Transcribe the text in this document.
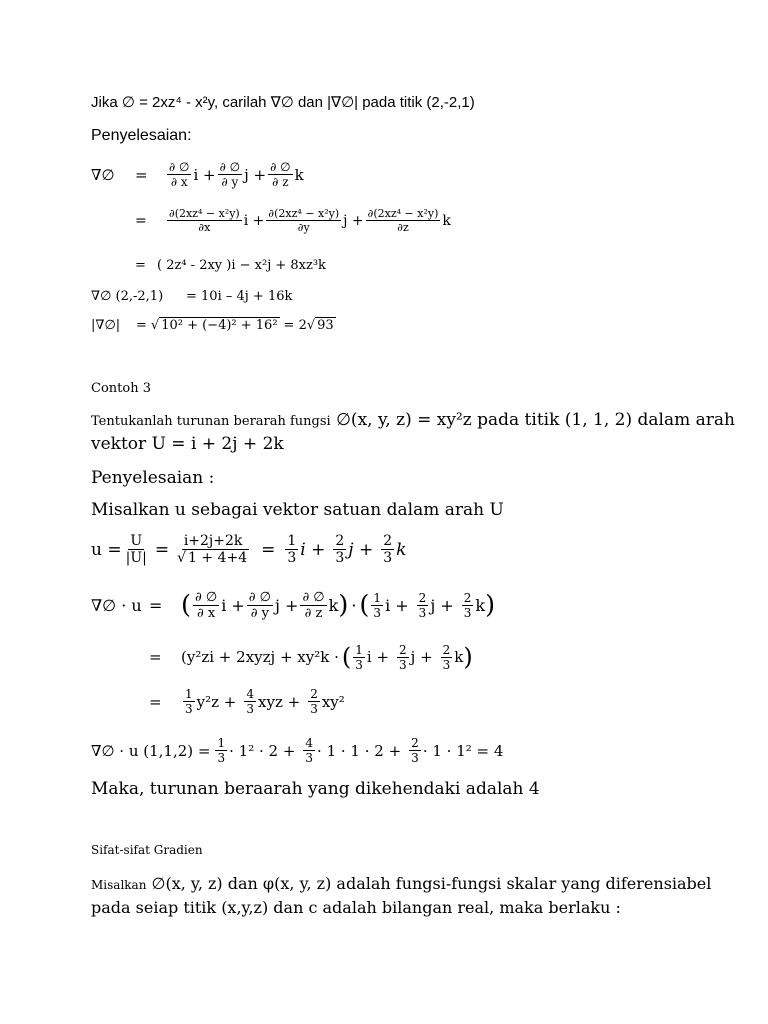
Jika ∅ = 2xz⁴ - x²y, carilah ∇∅ dan |∇∅| pada titik (2,-2,1)
Penyelesaian:
∇∅	=	$\frac{\partial \emptyset}{\partial x}$ $i + \frac{\partial \emptyset}{\partial y}$ $j + \frac{\partial \emptyset}{\partial z}$ k
=	$\frac{\text{∂(2xz⁴ − x²y)}}{\partial x}$ $i + \frac{\text{∂(2xz⁴ − x²y)}}{\partial y}$ $j + \frac{\text{∂(2xz⁴ − x²y)}}{\partial z}$ k
= ( 2z⁴ - 2xy )i − x²j + 8xz³k
∇∅ (2,-2,1)	= 10i – 4j + 16k
|∇∅|	= √ 10² + (−4)² + 16² = 2 √ 93
Contoh 3
Tentukanlah turunan berarah fungsi ∅(x, y, z) = xy²z pada titik (1, 1, 2) dalam arah
vektor U = i + 2j + 2k
Penyelesaian :
Misalkan u sebagai vektor satuan dalam arah U
$u = \frac{U}{|U|} = \frac{i+2j+2k}{√ 1 + 4+4} = \frac{1}{3}$ $i + \frac{2}{3}$ $j + \frac{2}{3}$ k
∇∅ · u = ( $\frac{\partial \emptyset}{\partial x}$ $i + \frac{\partial \emptyset}{\partial y}$ $j + \frac{\partial \emptyset}{\partial z}$ k ) · ( $\frac{1}{3}$ $i + \frac{2}{3}$ $j + \frac{2}{3}$ k )
=	(y²zi + 2xyzj + xy²k · ( $\frac{1}{3}$ $i + \frac{2}{3}$ $j + \frac{2}{3}$ k )
=	$\frac{1}{3} y^2z + \frac{4}{3}$ xyz + $\frac{2}{3} xy^2$
∇∅ · u $(1,1,2) = \frac{1}{3} \cdot 1^2 \cdot 2 + \frac{4}{3} \cdot 1 \cdot 1 \cdot 2 + \frac{2}{3} \cdot 1 \cdot 1^2 = 4$
Maka, turunan beraarah yang dikehendaki adalah 4
Sifat-sifat Gradien
Misalkan ∅(x, y, z) dan φ(x, y, z) adalah fungsi-fungsi skalar yang diferensiabel
pada seiap titik (x,y,z) dan c adalah bilangan real, maka berlaku :
